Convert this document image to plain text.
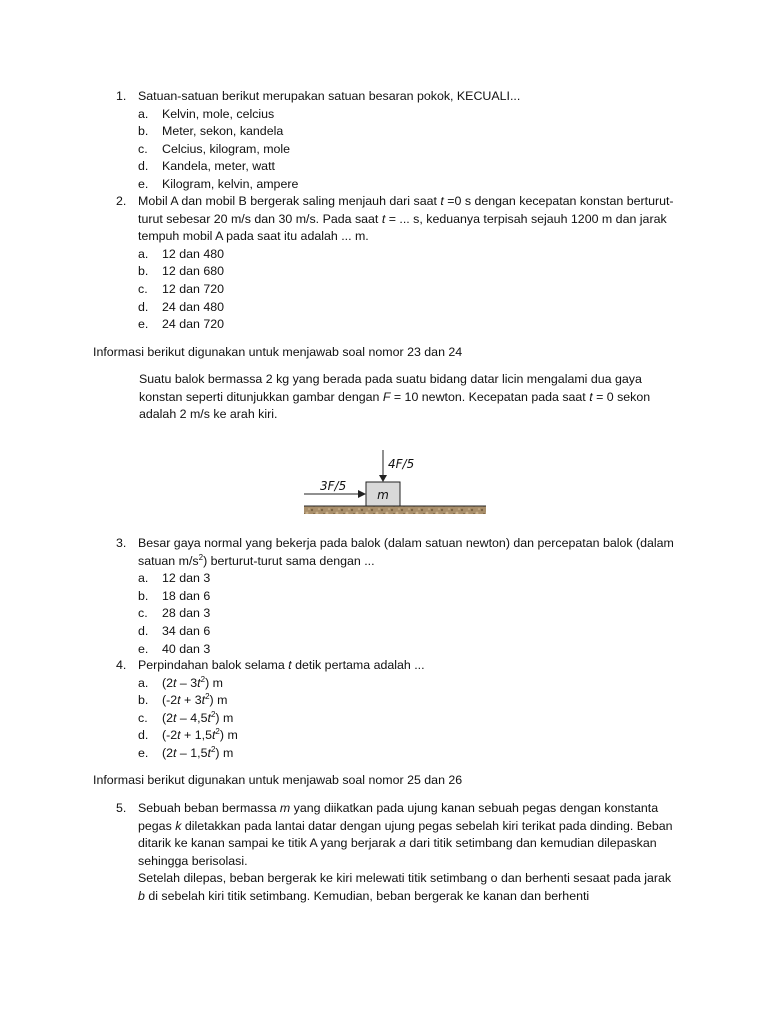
1. Satuan-satuan berikut merupakan satuan besaran pokok, KECUALI...
a.	Kelvin, mole, celcius
b.	Meter, sekon, kandela
c.	Celcius, kilogram, mole
d.	Kandela, meter, watt
e.	Kilogram, kelvin, ampere
2. Mobil A dan mobil B bergerak saling menjauh dari saat t =0 s dengan kecepatan konstan berturut-turut sebesar 20 m/s dan 30 m/s. Pada saat t = ... s, keduanya terpisah sejauh 1200 m dan jarak tempuh mobil A pada saat itu adalah ... m.
a.	12 dan 480
b.	12 dan 680
c.	12 dan 720
d.	24 dan 480
e.	24 dan 720
Informasi berikut digunakan untuk menjawab soal nomor 23 dan 24
Suatu balok bermassa 2 kg yang berada pada suatu bidang datar licin mengalami dua gaya konstan seperti ditunjukkan gambar dengan F = 10 newton. Kecepatan pada saat t = 0 sekon adalah 2 m/s ke arah kiri.
m
4F/5
3F/5
3. Besar gaya normal yang bekerja pada balok (dalam satuan newton) dan percepatan balok (dalam satuan $m/s^2$) berturut-turut sama dengan ...
a.	12 dan 3
b.	18 dan 6
c.	28 dan 3
d.	34 dan 6
e.	40 dan 3
4. Perpindahan balok selama t detik pertama adalah ...
a.	$(2t - 3t^2)$ m
b.	$(-2t + 3t^2)$ m
c.	$(2t - 4,5t^2)$ m
d.	$(-2t + 1,5t^2)$ m
e.	$(2t - 1,5t^2)$ m
Informasi berikut digunakan untuk menjawab soal nomor 25 dan 26
5. Sebuah beban bermassa m yang diikatkan pada ujung kanan sebuah pegas dengan konstanta pegas k diletakkan pada lantai datar dengan ujung pegas sebelah kiri terikat pada dinding. Beban ditarik ke kanan sampai ke titik A yang berjarak a dari titik setimbang dan kemudian dilepaskan sehingga berisolasi.

Setelah dilepas, beban bergerak ke kiri melewati titik setimbang o dan berhenti sesaat pada jarak b di sebelah kiri titik setimbang. Kemudian, beban bergerak ke kanan dan berhenti
